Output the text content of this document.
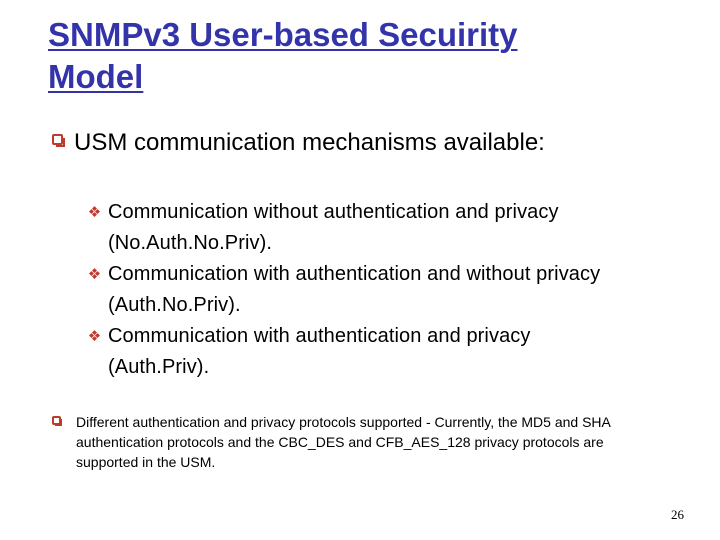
SNMPv3 User-based Secuirity Model
USM communication mechanisms available:
❖ Communication without authentication and privacy (No.Auth.No.Priv).
❖ Communication with authentication and without privacy (Auth.No.Priv).
❖ Communication with authentication and privacy (Auth.Priv).
Different authentication and privacy protocols supported - Currently, the MD5 and SHA authentication protocols and the CBC_DES and CFB_AES_128 privacy protocols are supported in the USM.
26
